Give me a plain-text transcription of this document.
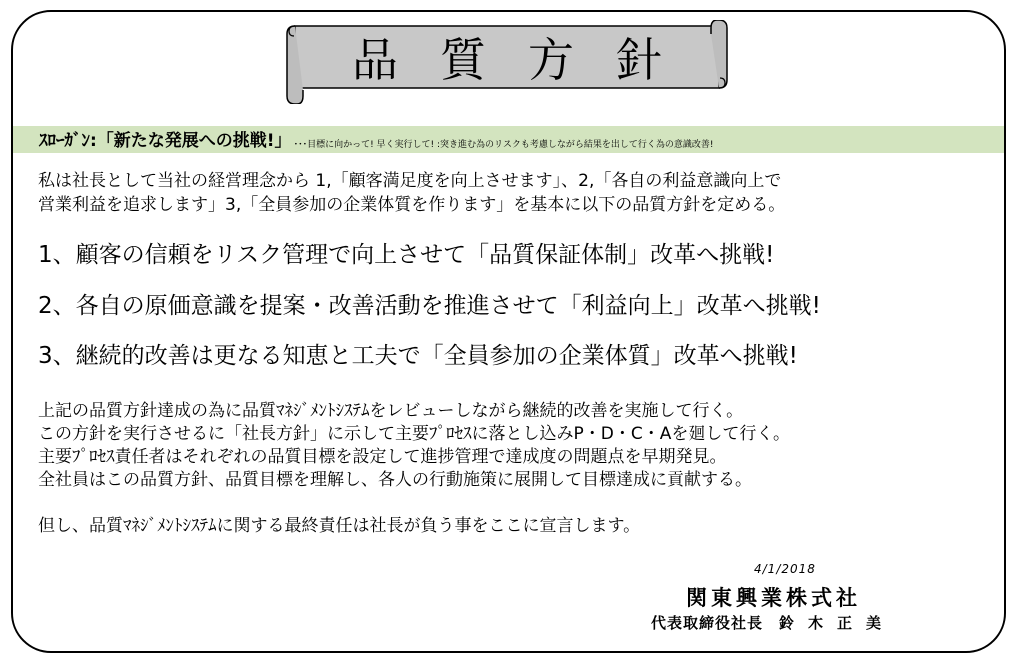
品質方針
ｽﾛｰｶﾞﾝ:「新たな発展への挑戦!」 ･･･目標に向かって! 早く実行して! :突き進む為のリスクも考慮しながら結果を出して行く為の意識改善!
私は社長として当社の経営理念から 1,「顧客満足度を向上させます」、2,「各自の利益意識向上で
営業利益を追求します」3,「全員参加の企業体質を作ります」を基本に以下の品質方針を定める。
1、顧客の信頼をリスク管理で向上させて「品質保証体制」改革へ挑戦!
2、各自の原価意識を提案・改善活動を推進させて「利益向上」改革へ挑戦!
3、継続的改善は更なる知恵と工夫で「全員参加の企業体質」改革へ挑戦!
上記の品質方針達成の為に品質ﾏﾈｼﾞﾒﾝﾄｼｽﾃﾑをレビューしながら継続的改善を実施して行く。
この方針を実行させるに「社長方針」に示して主要ﾌﾟﾛｾｽに落とし込みP・D・C・Aを廻して行く。
主要ﾌﾟﾛｾｽ責任者はそれぞれの品質目標を設定して進捗管理で達成度の問題点を早期発見。
全社員はこの品質方針、品質目標を理解し、各人の行動施策に展開して目標達成に貢献する。
但し、品質ﾏﾈｼﾞﾒﾝﾄｼｽﾃﾑに関する最終責任は社長が負う事をここに宣言します。
4/1/2018
関東興業株式社
代表取締役社長 鈴木正美
